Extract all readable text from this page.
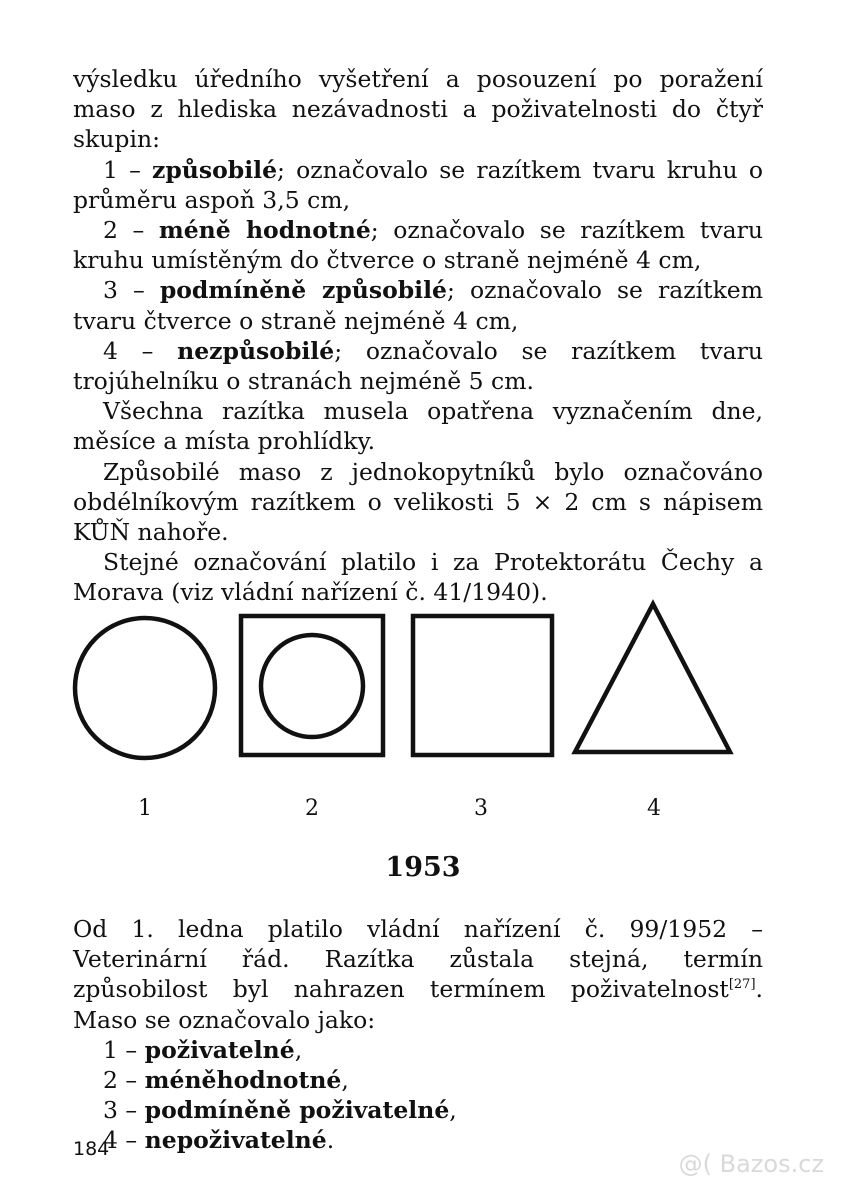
výsledku úředního vyšetření a posouzení po poražení maso z hlediska nezávadnosti a poživatelnosti do čtyř skupin:

1 – způsobilé; označovalo se razítkem tvaru kruhu o průměru aspoň 3,5 cm,

2 – méně hodnotné; označovalo se razítkem tvaru kruhu umístěným do čtverce o straně nejméně 4 cm,

3 – podmíněně způsobilé; označovalo se razítkem tvaru čtverce o straně nejméně 4 cm,

4 – nezpůsobilé; označovalo se razítkem tvaru trojúhelníku o stranách nejméně 5 cm.

Všechna razítka musela opatřena vyznačením dne, měsíce a místa prohlídky.

Způsobilé maso z jednokopytníků bylo označováno obdélníkovým razítkem o velikosti 5 × 2 cm s nápisem KŮŇ nahoře.

Stejné označování platilo i za Protektorátu Čechy a Morava (viz vládní nařízení č. 41/1940).

1	2	3	4
1953

Od 1. ledna platilo vládní nařízení č. 99/1952 – Veterinární řád. Razítka zůstala stejná, termín způsobilost byl nahrazen termínem poživatelnost[27]. Maso se označovalo jako:

1 – poživatelné,

2 – méněhodnotné,

3 – podmíněně poživatelné,

4 – nepoživatelné.

184
@( Bazos.cz
